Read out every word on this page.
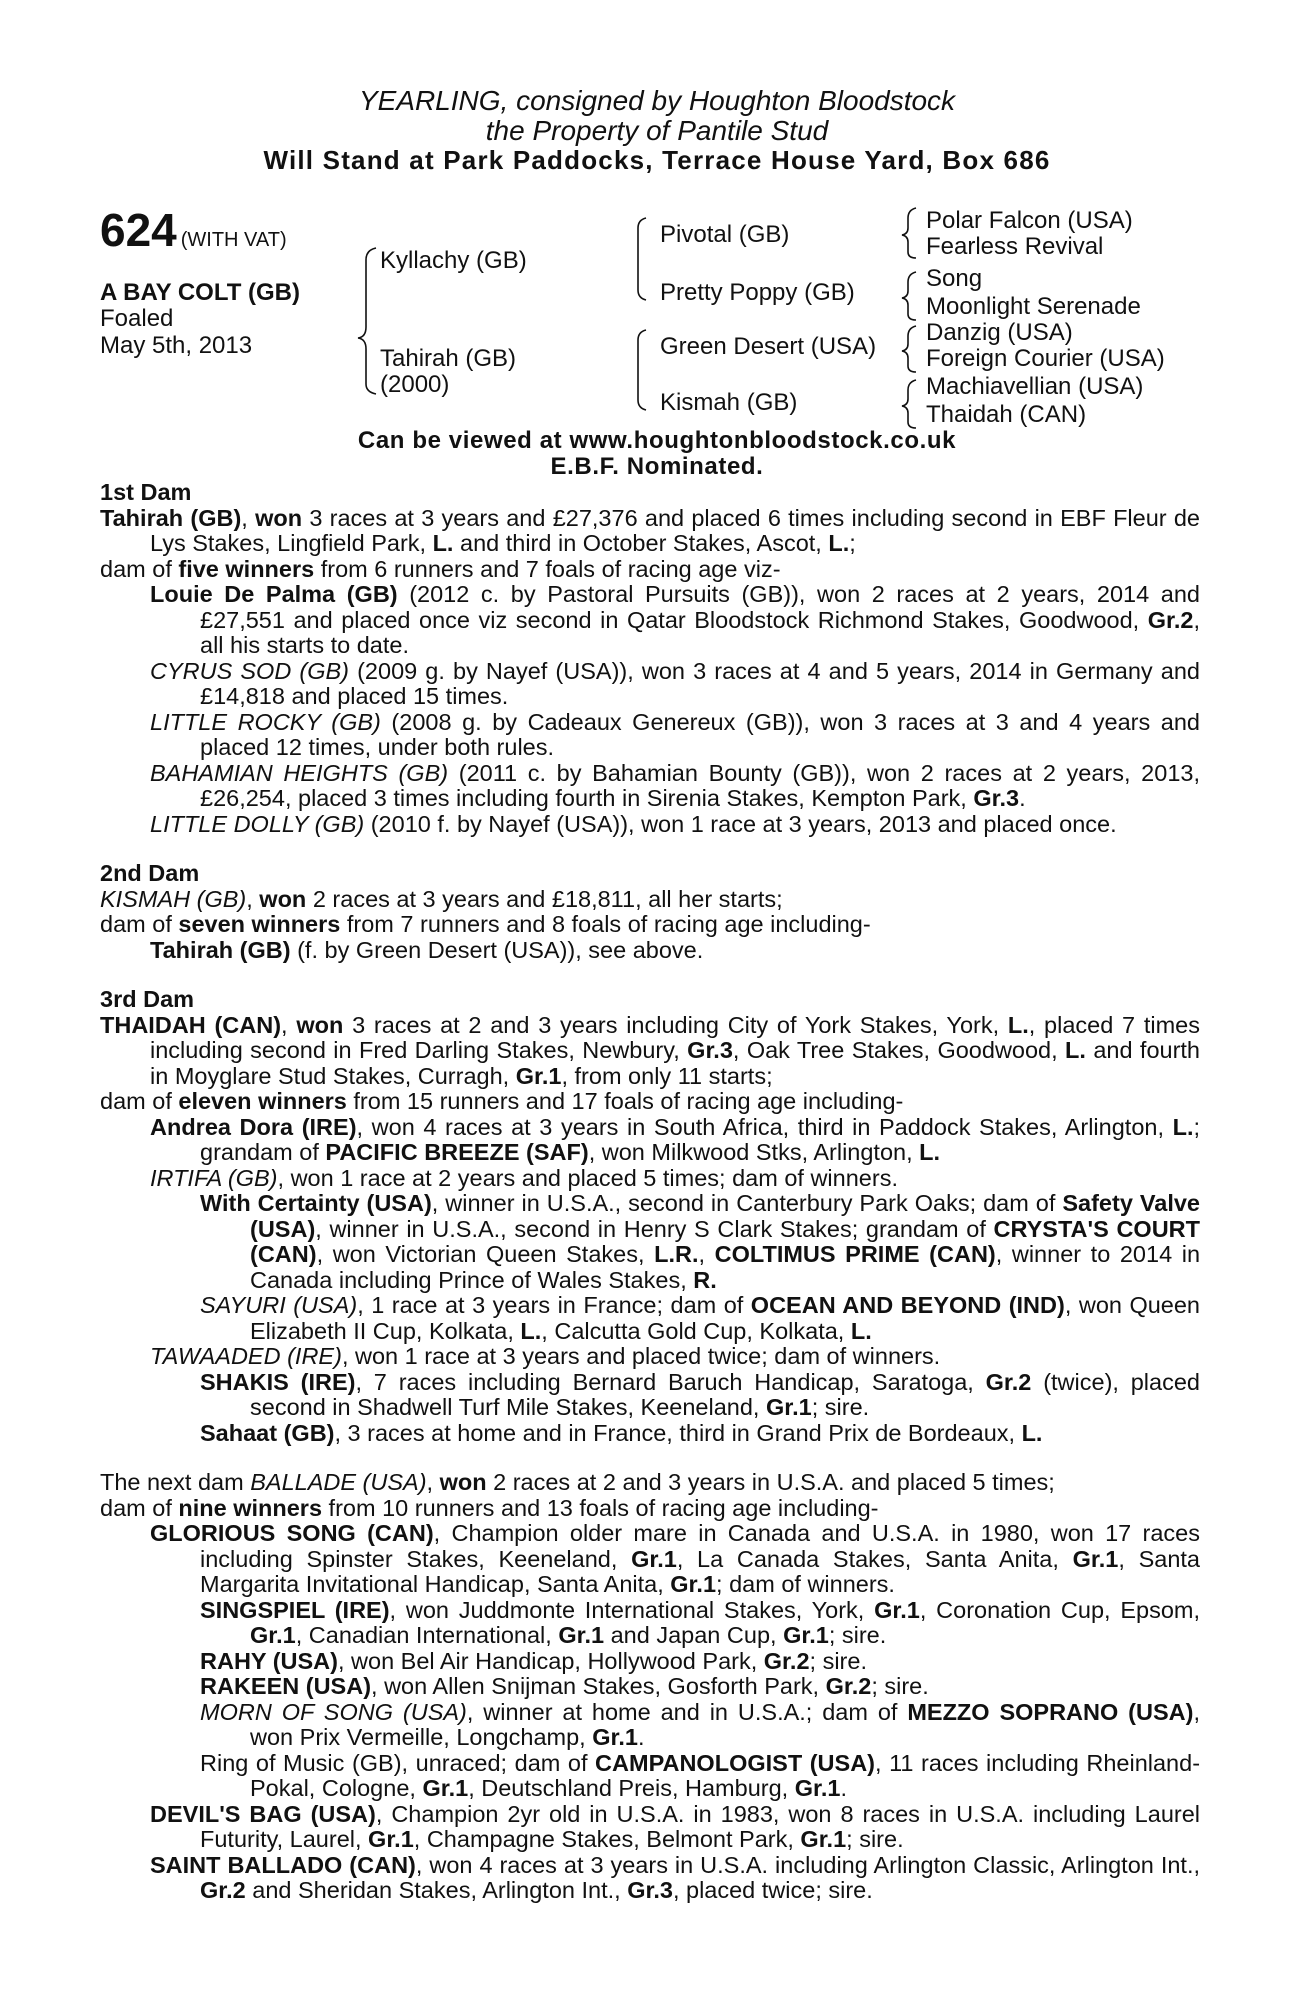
YEARLING, consigned by Houghton Bloodstock
the Property of Pantile Stud
Will Stand at Park Paddocks, Terrace House Yard, Box 686
624 (WITH VAT)
A BAY COLT (GB)
Foaled
May 5th, 2013
Kyllachy (GB)
Tahirah (GB)
(2000)
Pivotal (GB)
Pretty Poppy (GB)
Green Desert (USA)
Kismah (GB)
Polar Falcon (USA)
Fearless Revival
Song
Moonlight Serenade
Danzig (USA)
Foreign Courier (USA)
Machiavellian (USA)
Thaidah (CAN)
Can be viewed at www.houghtonbloodstock.co.uk
E.B.F. Nominated.

1st Dam

Tahirah (GB), won 3 races at 3 years and £27,376 and placed 6 times including second in EBF Fleur de Lys Stakes, Lingfield Park, L. and third in October Stakes, Ascot, L.;

dam of five winners from 6 runners and 7 foals of racing age viz-

Louie De Palma (GB) (2012 c. by Pastoral Pursuits (GB)), won 2 races at 2 years, 2014 and £27,551 and placed once viz second in Qatar Bloodstock Richmond Stakes, Goodwood, Gr.2, all his starts to date.

CYRUS SOD (GB) (2009 g. by Nayef (USA)), won 3 races at 4 and 5 years, 2014 in Germany and £14,818 and placed 15 times.

LITTLE ROCKY (GB) (2008 g. by Cadeaux Genereux (GB)), won 3 races at 3 and 4 years and placed 12 times, under both rules.

BAHAMIAN HEIGHTS (GB) (2011 c. by Bahamian Bounty (GB)), won 2 races at 2 years, 2013, £26,254, placed 3 times including fourth in Sirenia Stakes, Kempton Park, Gr.3.

LITTLE DOLLY (GB) (2010 f. by Nayef (USA)), won 1 race at 3 years, 2013 and placed once.

2nd Dam

KISMAH (GB), won 2 races at 3 years and £18,811, all her starts;

dam of seven winners from 7 runners and 8 foals of racing age including-

Tahirah (GB) (f. by Green Desert (USA)), see above.

3rd Dam

THAIDAH (CAN), won 3 races at 2 and 3 years including City of York Stakes, York, L., placed 7 times including second in Fred Darling Stakes, Newbury, Gr.3, Oak Tree Stakes, Goodwood, L. and fourth in Moyglare Stud Stakes, Curragh, Gr.1, from only 11 starts;

dam of eleven winners from 15 runners and 17 foals of racing age including-

Andrea Dora (IRE), won 4 races at 3 years in South Africa, third in Paddock Stakes, Arlington, L.; grandam of PACIFIC BREEZE (SAF), won Milkwood Stks, Arlington, L.

IRTIFA (GB), won 1 race at 2 years and placed 5 times; dam of winners.

With Certainty (USA), winner in U.S.A., second in Canterbury Park Oaks; dam of Safety Valve (USA), winner in U.S.A., second in Henry S Clark Stakes; grandam of CRYSTA'S COURT (CAN), won Victorian Queen Stakes, L.R., COLTIMUS PRIME (CAN), winner to 2014 in Canada including Prince of Wales Stakes, R.

SAYURI (USA), 1 race at 3 years in France; dam of OCEAN AND BEYOND (IND), won Queen Elizabeth II Cup, Kolkata, L., Calcutta Gold Cup, Kolkata, L.

TAWAADED (IRE), won 1 race at 3 years and placed twice; dam of winners.

SHAKIS (IRE), 7 races including Bernard Baruch Handicap, Saratoga, Gr.2 (twice), placed second in Shadwell Turf Mile Stakes, Keeneland, Gr.1; sire.

Sahaat (GB), 3 races at home and in France, third in Grand Prix de Bordeaux, L.

The next dam BALLADE (USA), won 2 races at 2 and 3 years in U.S.A. and placed 5 times;

dam of nine winners from 10 runners and 13 foals of racing age including-

GLORIOUS SONG (CAN), Champion older mare in Canada and U.S.A. in 1980, won 17 races including Spinster Stakes, Keeneland, Gr.1, La Canada Stakes, Santa Anita, Gr.1, Santa Margarita Invitational Handicap, Santa Anita, Gr.1; dam of winners.

SINGSPIEL (IRE), won Juddmonte International Stakes, York, Gr.1, Coronation Cup, Epsom, Gr.1, Canadian International, Gr.1 and Japan Cup, Gr.1; sire.

RAHY (USA), won Bel Air Handicap, Hollywood Park, Gr.2; sire.

RAKEEN (USA), won Allen Snijman Stakes, Gosforth Park, Gr.2; sire.

MORN OF SONG (USA), winner at home and in U.S.A.; dam of MEZZO SOPRANO (USA), won Prix Vermeille, Longchamp, Gr.1.

Ring of Music (GB), unraced; dam of CAMPANOLOGIST (USA), 11 races including Rheinland-Pokal, Cologne, Gr.1, Deutschland Preis, Hamburg, Gr.1.

DEVIL'S BAG (USA), Champion 2yr old in U.S.A. in 1983, won 8 races in U.S.A. including Laurel Futurity, Laurel, Gr.1, Champagne Stakes, Belmont Park, Gr.1; sire.

SAINT BALLADO (CAN), won 4 races at 3 years in U.S.A. including Arlington Classic, Arlington Int., Gr.2 and Sheridan Stakes, Arlington Int., Gr.3, placed twice; sire.
